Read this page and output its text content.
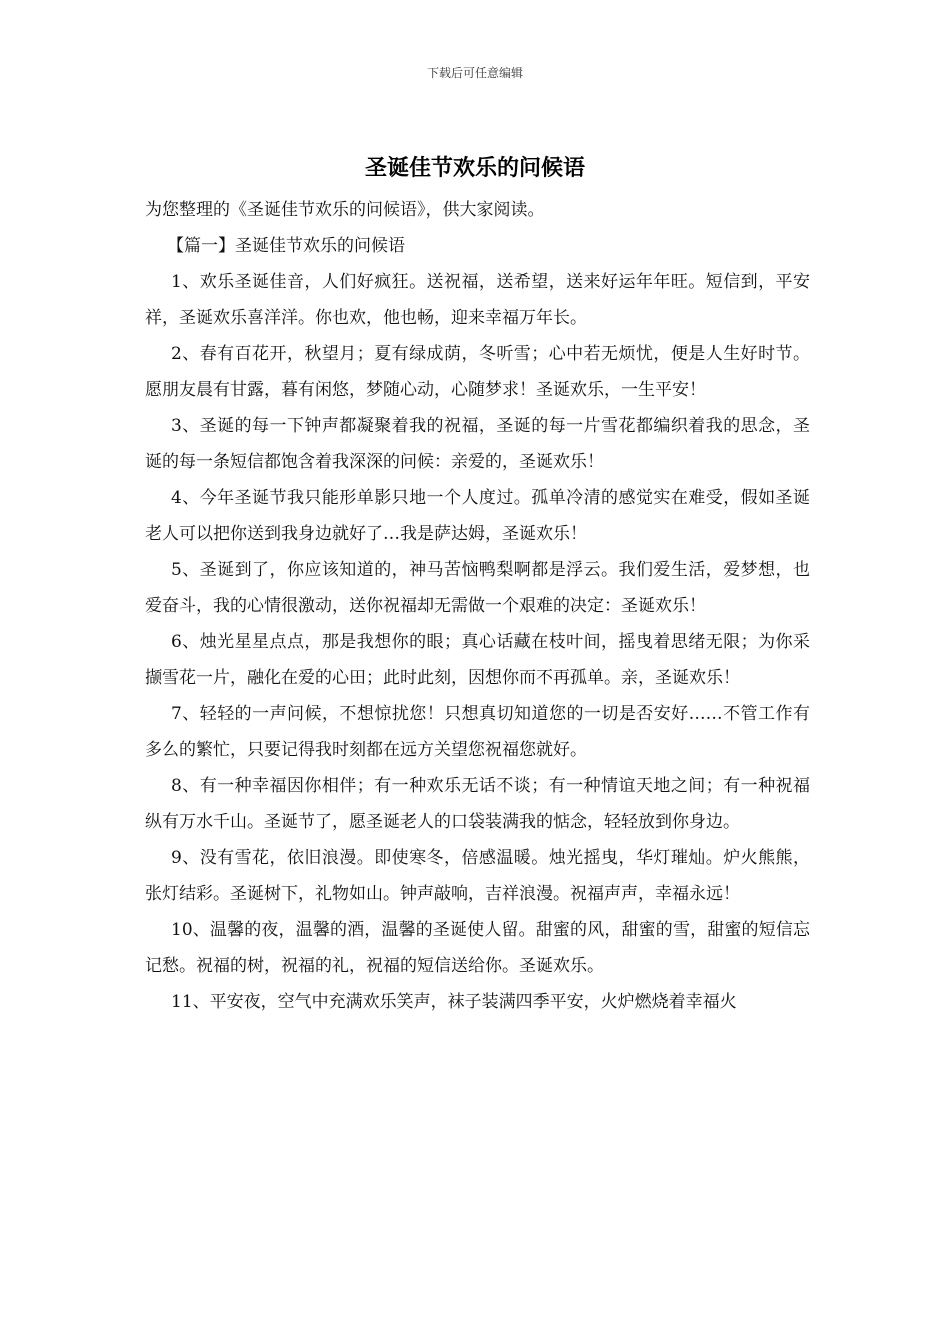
下载后可任意编辑
圣诞佳节欢乐的问候语

为您整理的《圣诞佳节欢乐的问候语》，供大家阅读。

【篇一】圣诞佳节欢乐的问候语

1、欢乐圣诞佳音，人们好疯狂。送祝福，送希望，送来好运年年旺。短信到，平安祥，圣诞欢乐喜洋洋。你也欢，他也畅，迎来幸福万年长。

2、春有百花开，秋望月；夏有绿成荫，冬听雪；心中若无烦忧，便是人生好时节。愿朋友晨有甘露，暮有闲悠，梦随心动，心随梦求！圣诞欢乐，一生平安！

3、圣诞的每一下钟声都凝聚着我的祝福，圣诞的每一片雪花都编织着我的思念，圣诞的每一条短信都饱含着我深深的问候：亲爱的，圣诞欢乐！

4、今年圣诞节我只能形单影只地一个人度过。孤单冷清的感觉实在难受，假如圣诞老人可以把你送到我身边就好了…我是萨达姆，圣诞欢乐！

5、圣诞到了，你应该知道的，神马苦恼鸭梨啊都是浮云。我们爱生活，爱梦想，也爱奋斗，我的心情很激动，送你祝福却无需做一个艰难的决定：圣诞欢乐！

6、烛光星星点点，那是我想你的眼；真心话藏在枝叶间，摇曳着思绪无限；为你采撷雪花一片，融化在爱的心田；此时此刻，因想你而不再孤单。亲，圣诞欢乐！

7、轻轻的一声问候，不想惊扰您！只想真切知道您的一切是否安好……不管工作有多么的繁忙，只要记得我时刻都在远方关望您祝福您就好。

8、有一种幸福因你相伴；有一种欢乐无话不谈；有一种情谊天地之间；有一种祝福纵有万水千山。圣诞节了，愿圣诞老人的口袋装满我的惦念，轻轻放到你身边。

9、没有雪花，依旧浪漫。即使寒冬，倍感温暖。烛光摇曳，华灯璀灿。炉火熊熊，张灯结彩。圣诞树下，礼物如山。钟声敲响，吉祥浪漫。祝福声声，幸福永远！

10、温馨的夜，温馨的酒，温馨的圣诞使人留。甜蜜的风，甜蜜的雪，甜蜜的短信忘记愁。祝福的树，祝福的礼，祝福的短信送给你。圣诞欢乐。

11、平安夜，空气中充满欢乐笑声，袜子装满四季平安，火炉燃烧着幸福火
